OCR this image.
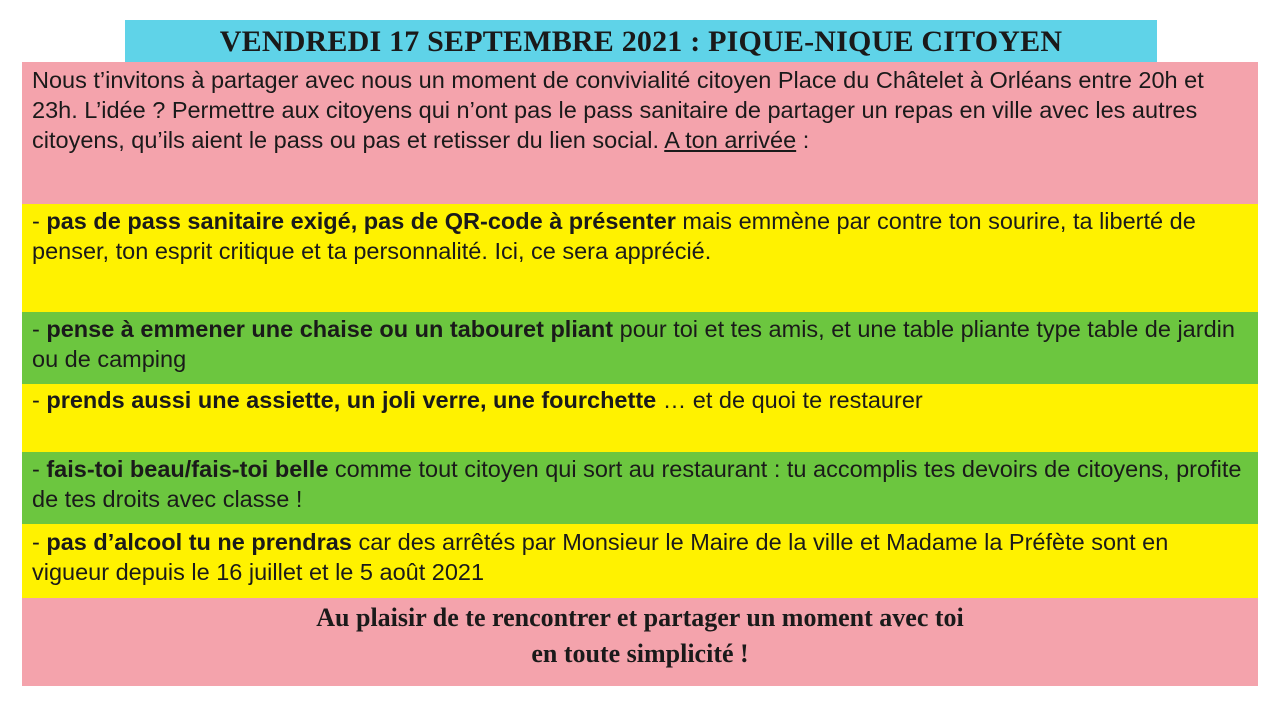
VENDREDI 17 SEPTEMBRE 2021 : PIQUE-NIQUE CITOYEN
Nous t’invitons à partager avec nous un moment de convivialité citoyen Place du Châtelet à Orléans entre 20h et 23h. L’idée ? Permettre aux citoyens qui n’ont pas le pass sanitaire de partager un repas en ville avec les autres citoyens, qu’ils aient le pass ou pas et retisser du lien social. A ton arrivée :
- pas de pass sanitaire exigé, pas de QR-code à présenter mais emmène par contre ton sourire, ta liberté de penser, ton esprit critique et ta personnalité. Ici, ce sera apprécié.
- pense à emmener une chaise ou un tabouret pliant pour toi et tes amis, et une table pliante type table de jardin ou de camping
- prends aussi une assiette, un joli verre, une fourchette … et de quoi te restaurer
- fais-toi beau/fais-toi belle comme tout citoyen qui sort au restaurant : tu accomplis tes devoirs de citoyens, profite de tes droits avec classe !
- pas d’alcool tu ne prendras car des arrêtés par Monsieur le Maire de la ville et Madame la Préfète sont en vigueur depuis le 16 juillet et le 5 août 2021
Au plaisir de te rencontrer et partager un moment avec toi
en toute simplicité !
